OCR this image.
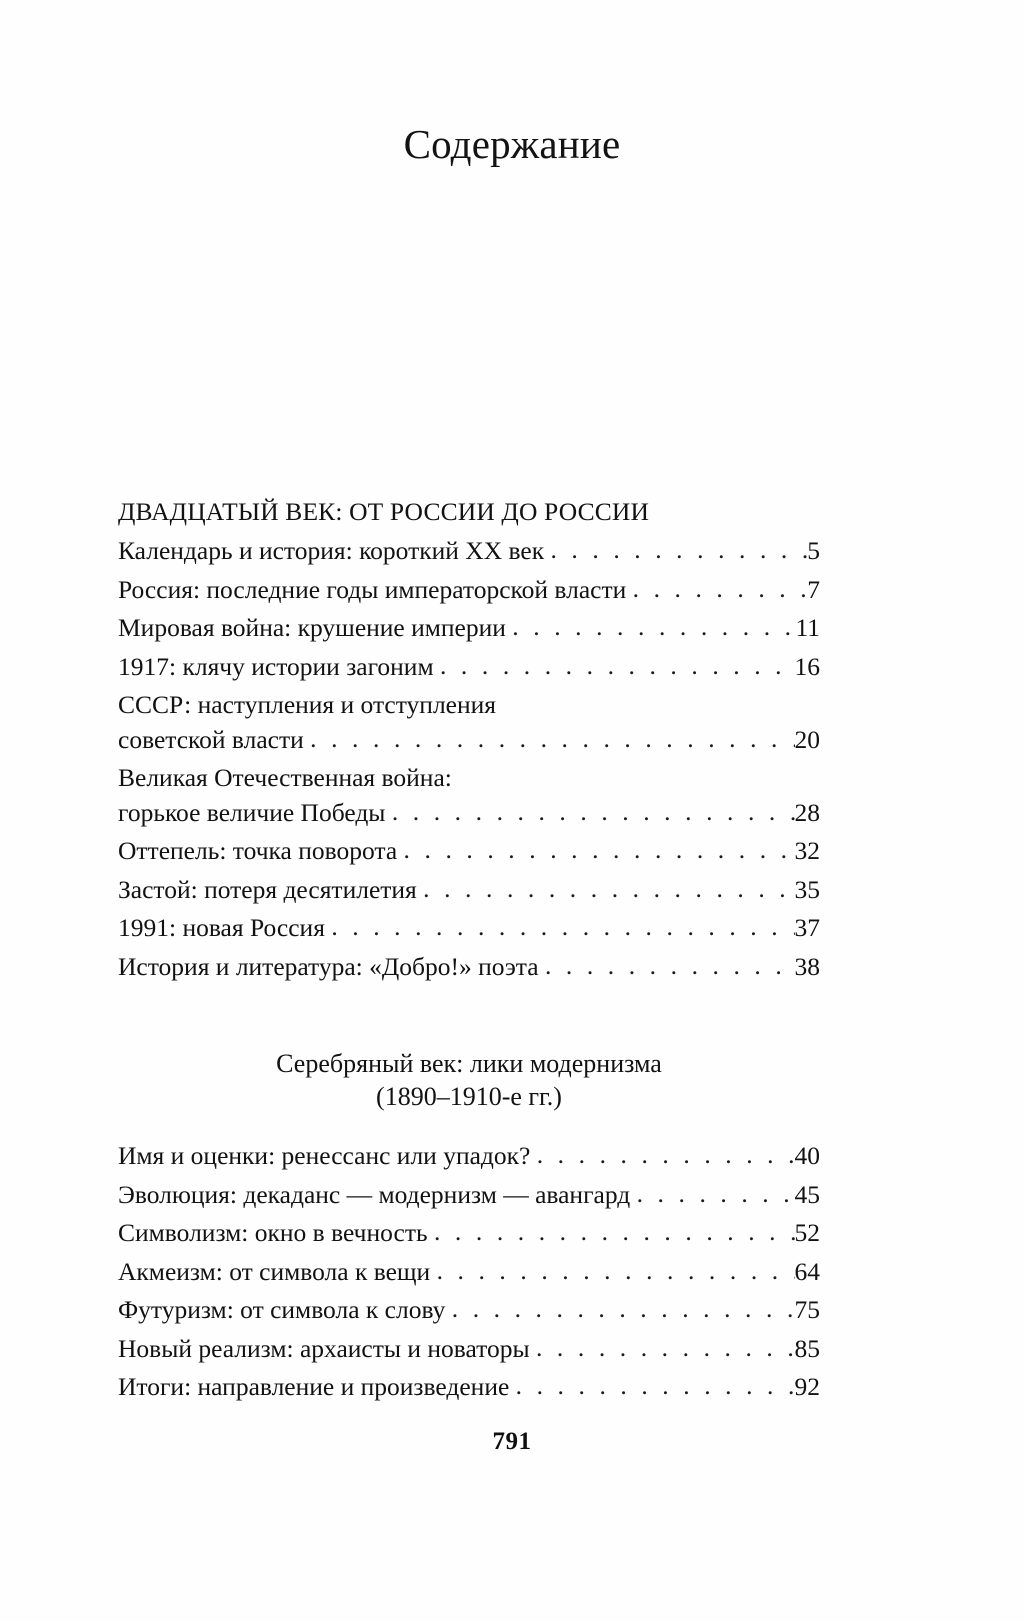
Содержание
ДВАДЦАТЫЙ ВЕК: ОТ РОССИИ ДО РОССИИ
Календарь и история: короткий XX век . . .	5
Россия: последние годы императорской власти . . .	7
Мировая война: крушение империи . . .	11
1917: клячу истории загоним . . .	16
СССР: наступления и отступления
советской власти . . .	20
Великая Отечественная война:
горькое величие Победы . . .	28
Оттепель: точка поворота . . .	32
Застой: потеря десятилетия . . .	35
1991: новая Россия . . .	37
История и литература: «Добро!» поэта . . .	38
Серебряный век: лики модернизма
(1890–1910-е гг.)
Имя и оценки: ренессанс или упадок? . . .	40
Эволюция: декаданс — модернизм — авангард . . .	45
Символизм: окно в вечность . . .	52
Акмеизм: от символа к вещи . . .	64
Футуризм: от символа к слову . . .	75
Новый реализм: архаисты и новаторы . . .	85
Итоги: направление и произведение . . .	92
791
